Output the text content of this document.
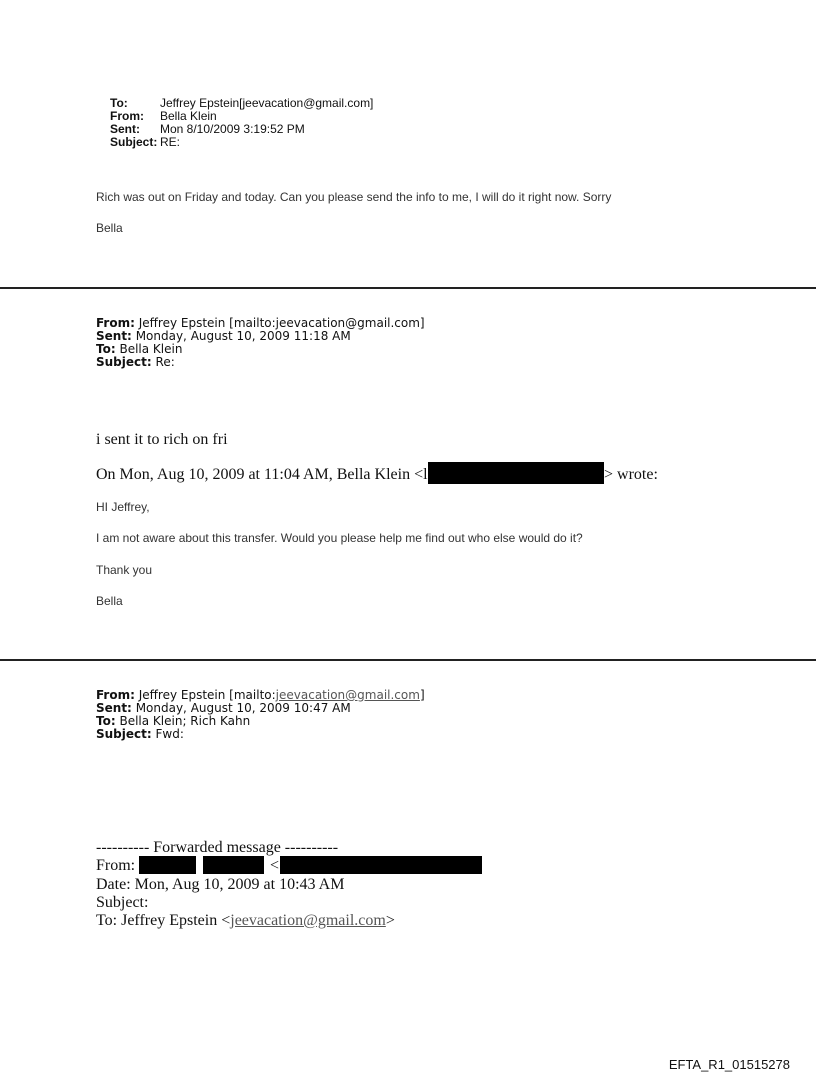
To:	Jeffrey Epstein[jeevacation@gmail.com]
From:	Bella Klein
Sent:	Mon 8/10/2009 3:19:52 PM
Subject: RE:
Rich was out on Friday and today. Can you please send the info to me, I will do it right now. Sorry
Bella
From: Jeffrey Epstein [mailto:jeevacation@gmail.com]
Sent: Monday, August 10, 2009 11:18 AM
To: Bella Klein
Subject: Re:
i sent it to rich on fri
On Mon, Aug 10, 2009 at 11:04 AM, Bella Klein <l	> wrote:
HI Jeffrey,
I am not aware about this transfer. Would you please help me find out who else would do it?
Thank you
Bella
From: Jeffrey Epstein [mailto:jeevacation@gmail.com]
Sent: Monday, August 10, 2009 10:47 AM
To: Bella Klein; Rich Kahn
Subject: Fwd:
---------- Forwarded message ----------
From:	<
Date: Mon, Aug 10, 2009 at 10:43 AM
Subject:
To: Jeffrey Epstein <jeevacation@gmail.com>
EFTA_R1_01515278
